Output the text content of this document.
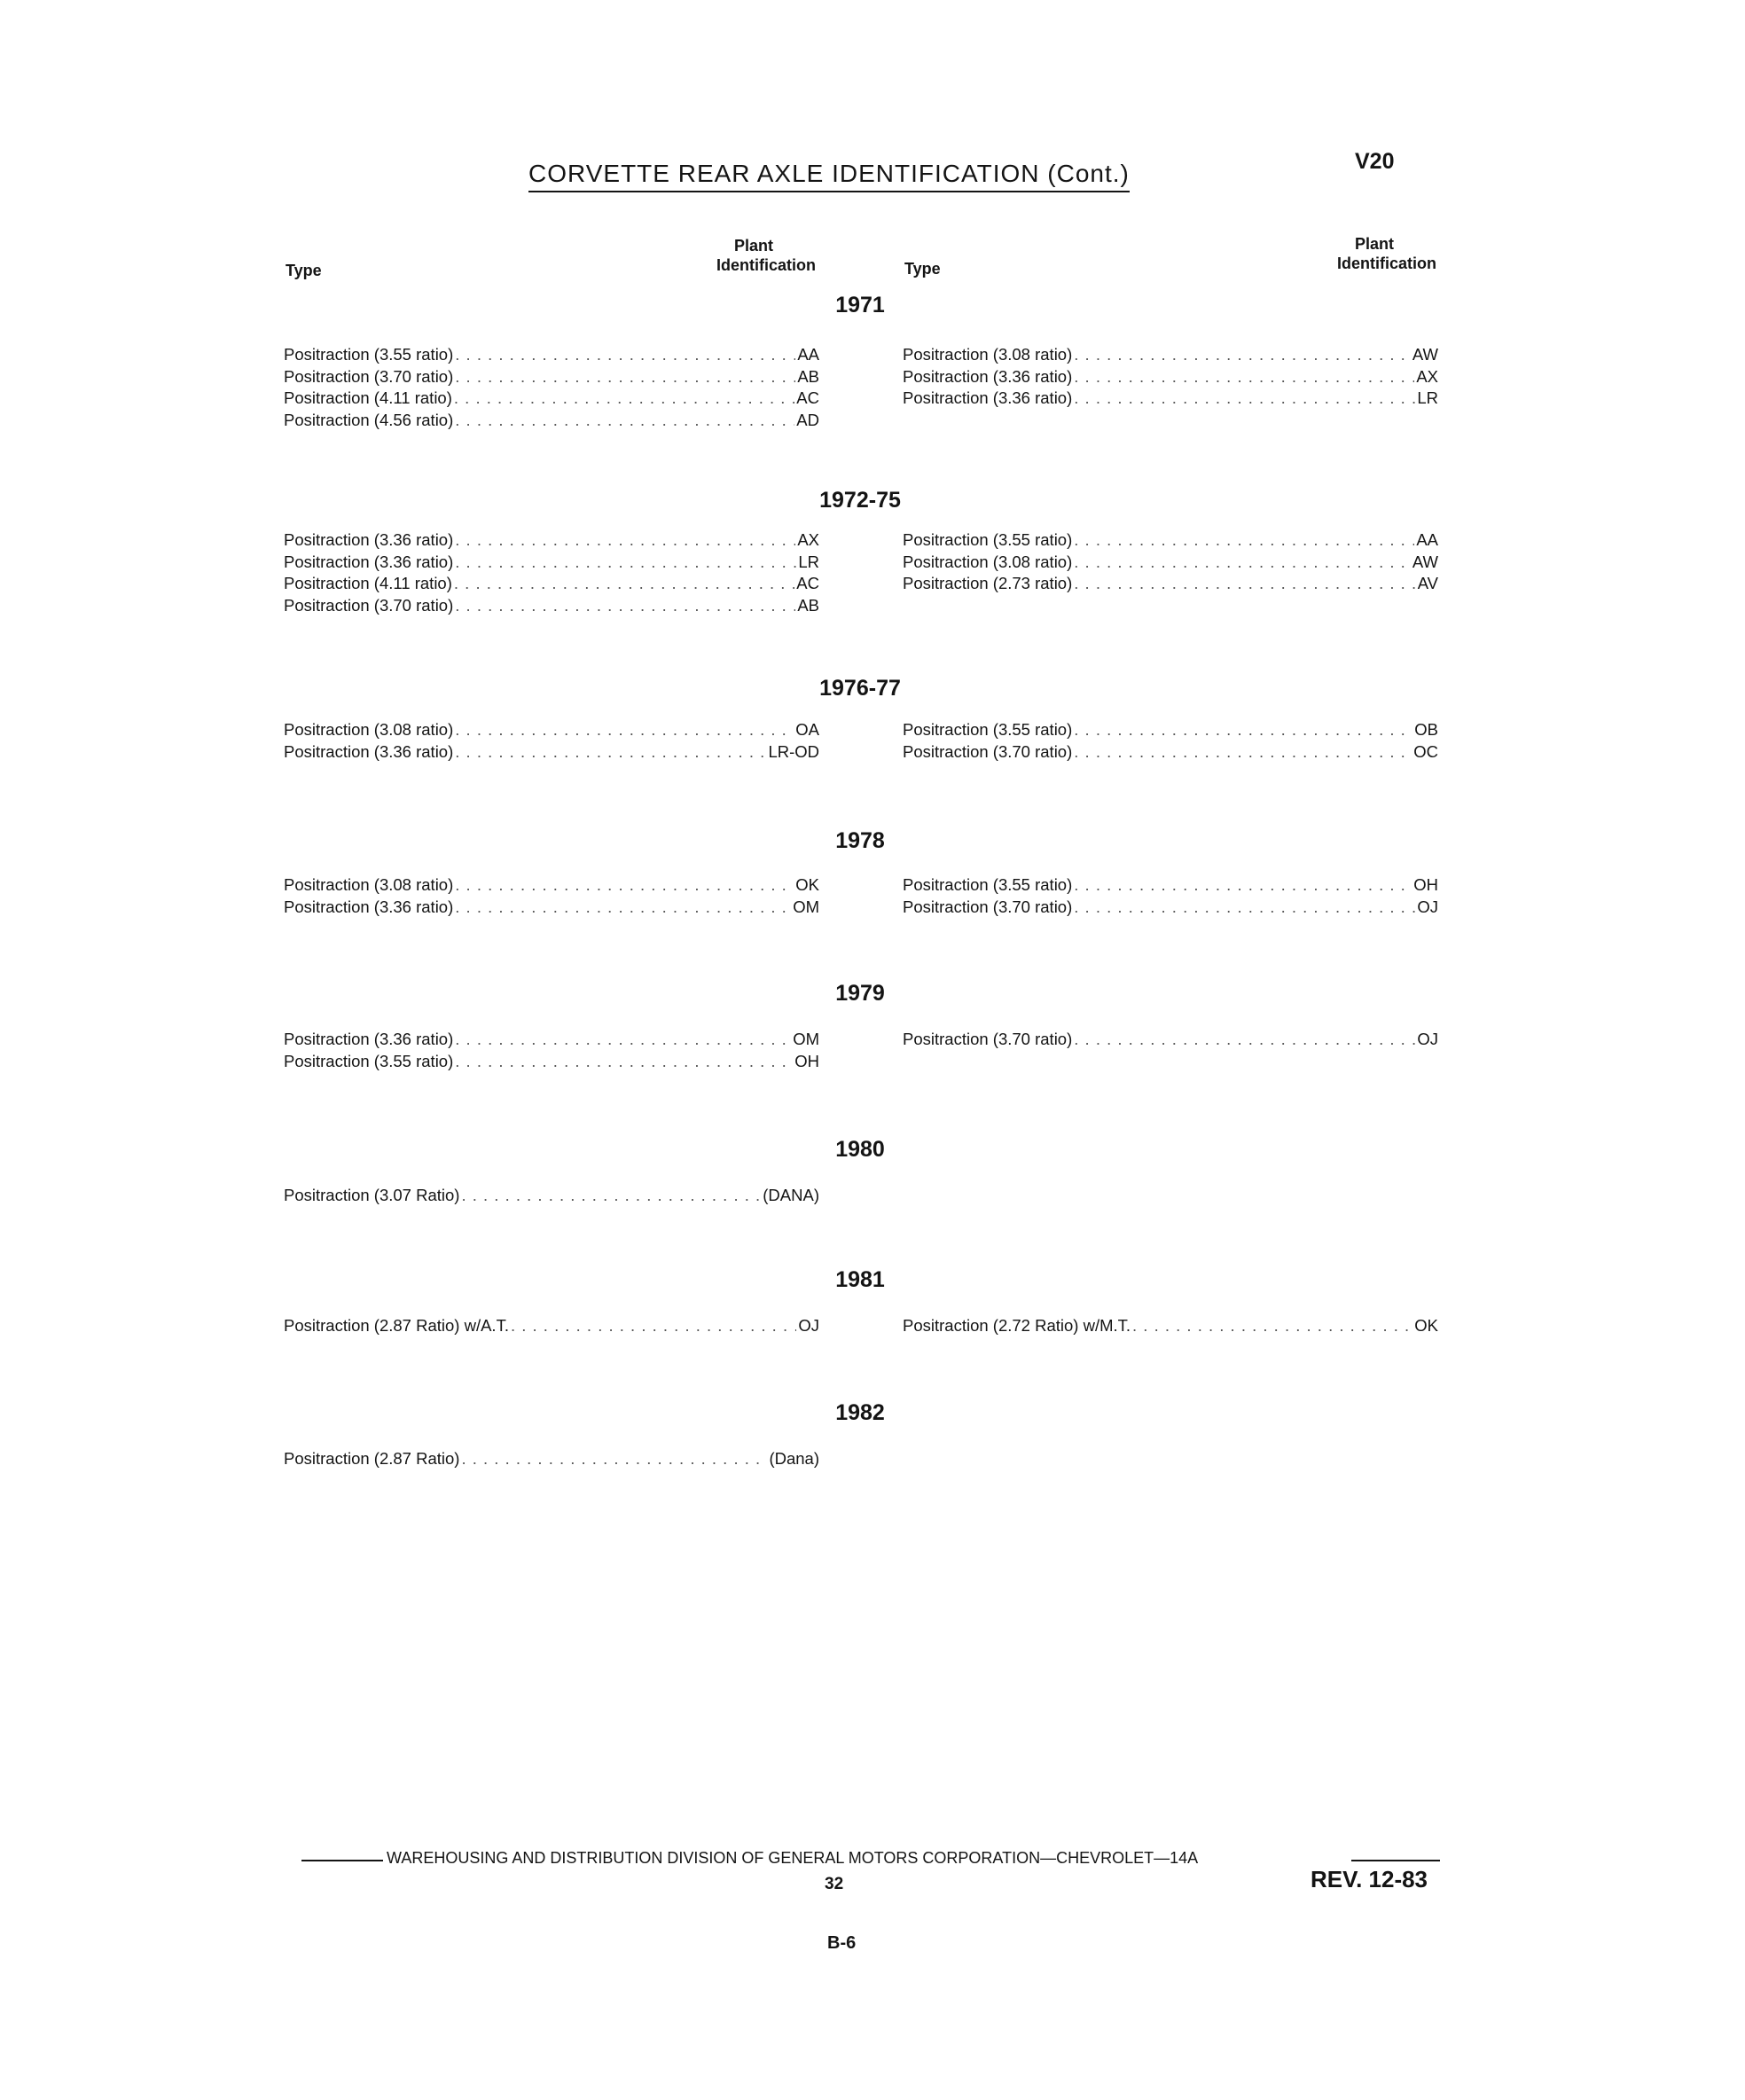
CORVETTE REAR AXLE IDENTIFICATION (Cont.)	V20
Type
Plant
Identification	Type
Plant
Identification
1971
Positraction (3.55 ratio) . . .	AA
Positraction (3.70 ratio) . . .	AB
Positraction (4.11 ratio) . . .	AC
Positraction (4.56 ratio) . . .	AD
Positraction (3.08 ratio) . . .	AW
Positraction (3.36 ratio) . . .	AX
Positraction (3.36 ratio) . . .	LR
1972-75
Positraction (3.36 ratio) . . .	AX
Positraction (3.36 ratio) . . .	LR
Positraction (4.11 ratio) . . .	AC
Positraction (3.70 ratio) . . .	AB
Positraction (3.55 ratio) . . .	AA
Positraction (3.08 ratio) . . .	AW
Positraction (2.73 ratio) . . .	AV
1976-77
Positraction (3.08 ratio) . . .	OA
Positraction (3.36 ratio) . . .	LR-OD
Positraction (3.55 ratio) . . .	OB
Positraction (3.70 ratio) . . .	OC
1978
Positraction (3.08 ratio) . . .	OK
Positraction (3.36 ratio) . . .	OM
Positraction (3.55 ratio) . . .	OH
Positraction (3.70 ratio) . . .	OJ
1979
Positraction (3.36 ratio) . . .	OM
Positraction (3.55 ratio) . . .	OH
Positraction (3.70 ratio) . . .	OJ
1980
Positraction (3.07 Ratio) . . .	(DANA)
1981
Positraction (2.87 Ratio) w/A.T. . . .	OJ	Positraction (2.72 Ratio) w/M.T. . . .	OK
1982
Positraction (2.87 Ratio) . . .	(Dana)
WAREHOUSING AND DISTRIBUTION DIVISION OF GENERAL MOTORS CORPORATION—CHEVROLET—14A
32	REV. 12-83
B-6
